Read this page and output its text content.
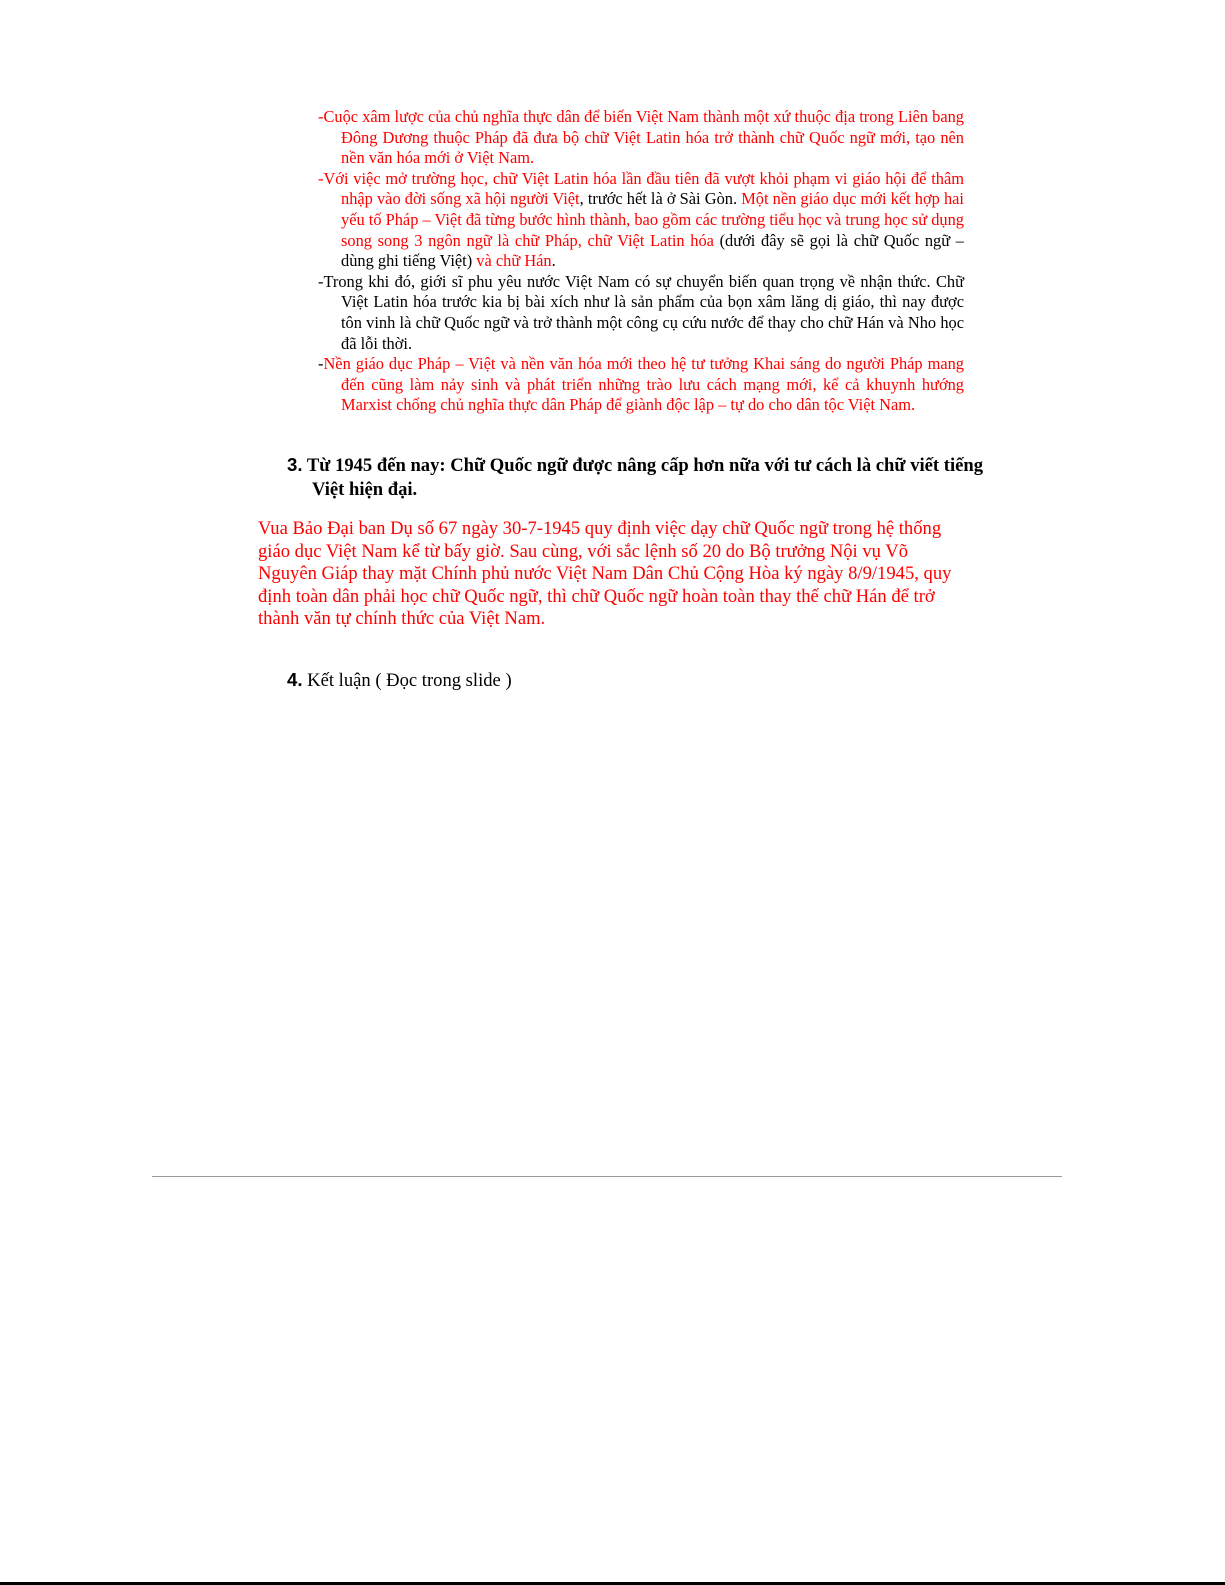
-Cuộc xâm lược của chủ nghĩa thực dân để biến Việt Nam thành một xứ thuộc địa trong Liên bang Đông Dương thuộc Pháp đã đưa bộ chữ Việt Latin hóa trở thành chữ Quốc ngữ mới, tạo nên nền văn hóa mới ở Việt Nam.
-Với việc mở trường học, chữ Việt Latin hóa lần đầu tiên đã vượt khỏi phạm vi giáo hội để thâm nhập vào đời sống xã hội người Việt, trước hết là ở Sài Gòn. Một nền giáo dục mới kết hợp hai yếu tố Pháp – Việt đã từng bước hình thành, bao gồm các trường tiểu học và trung học sử dụng song song 3 ngôn ngữ là chữ Pháp, chữ Việt Latin hóa (dưới đây sẽ gọi là chữ Quốc ngữ – dùng ghi tiếng Việt) và chữ Hán.
-Trong khi đó, giới sĩ phu yêu nước Việt Nam có sự chuyển biến quan trọng về nhận thức. Chữ Việt Latin hóa trước kia bị bài xích như là sản phẩm của bọn xâm lăng dị giáo, thì nay được tôn vinh là chữ Quốc ngữ và trở thành một công cụ cứu nước để thay cho chữ Hán và Nho học đã lỗi thời.
-Nền giáo dục Pháp – Việt và nền văn hóa mới theo hệ tư tưởng Khai sáng do người Pháp mang đến cũng làm nảy sinh và phát triển những trào lưu cách mạng mới, kể cả khuynh hướng Marxist chống chủ nghĩa thực dân Pháp để giành độc lập – tự do cho dân tộc Việt Nam.
3. Từ 1945 đến nay: Chữ Quốc ngữ được nâng cấp hơn nữa với tư cách là chữ viết tiếng Việt hiện đại.

Vua Bảo Đại ban Dụ số 67 ngày 30-7-1945 quy định việc dạy chữ Quốc ngữ trong hệ thống giáo dục Việt Nam kể từ bấy giờ. Sau cùng, với sắc lệnh số 20 do Bộ trưởng Nội vụ Võ Nguyên Giáp thay mặt Chính phủ nước Việt Nam Dân Chủ Cộng Hòa ký ngày 8/9/1945, quy định toàn dân phải học chữ Quốc ngữ, thì chữ Quốc ngữ hoàn toàn thay thế chữ Hán để trở thành văn tự chính thức của Việt Nam.

4. Kết luận ( Đọc trong slide )
